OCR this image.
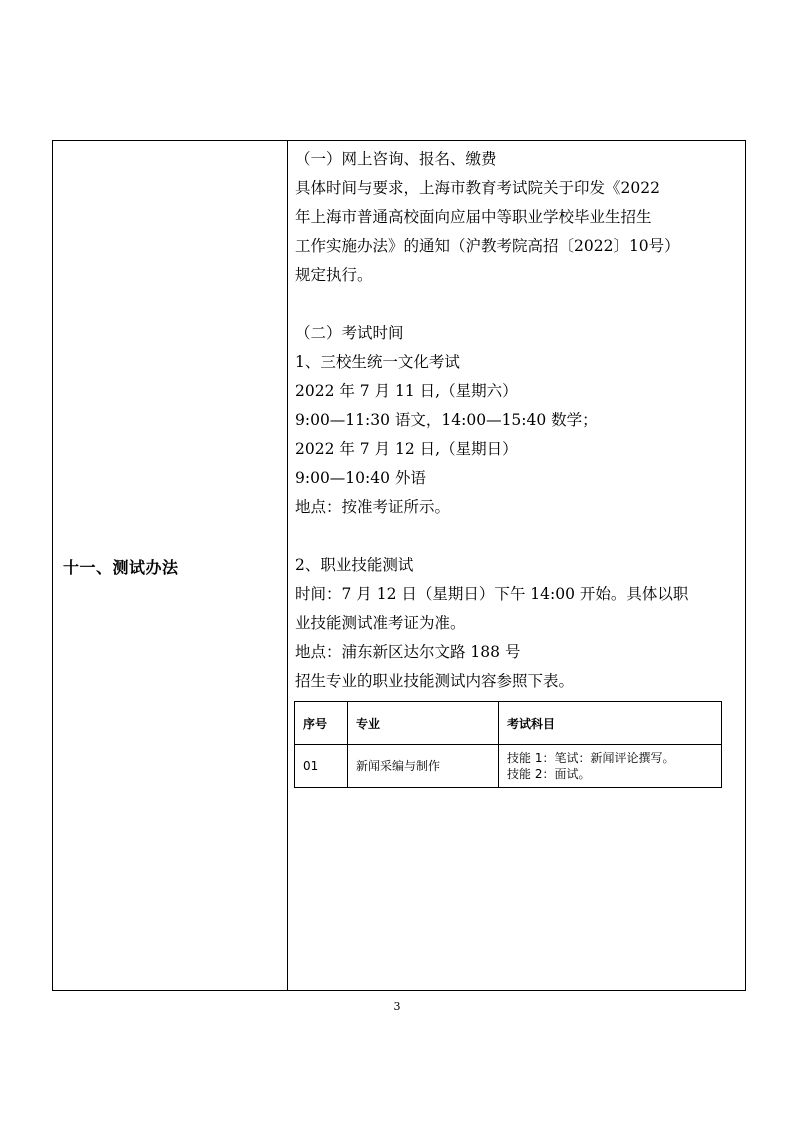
十一、测试办法

（一）网上咨询、报名、缴费

具体时间与要求，上海市教育考试院关于印发《2022

年上海市普通高校面向应届中等职业学校毕业生招生

工作实施办法》的通知（沪教考院高招〔2022〕10号）

规定执行。

（二）考试时间

1、三校生统一文化考试

2022 年 7 月 11 日,（星期六）

9:00—11:30 语文，14:00—15:40 数学；

2022 年 7 月 12 日,（星期日）

9:00—10:40 外语

地点：按准考证所示。

2、职业技能测试

时间：7 月 12 日（星期日）下午 14:00 开始。具体以职

业技能测试准考证为准。

地点：浦东新区达尔文路 188 号

招生专业的职业技能测试内容参照下表。

序号	专业	考试科目
01	新闻采编与制作	技能 1：笔试：新闻评论撰写。
技能 2：面试。
3
